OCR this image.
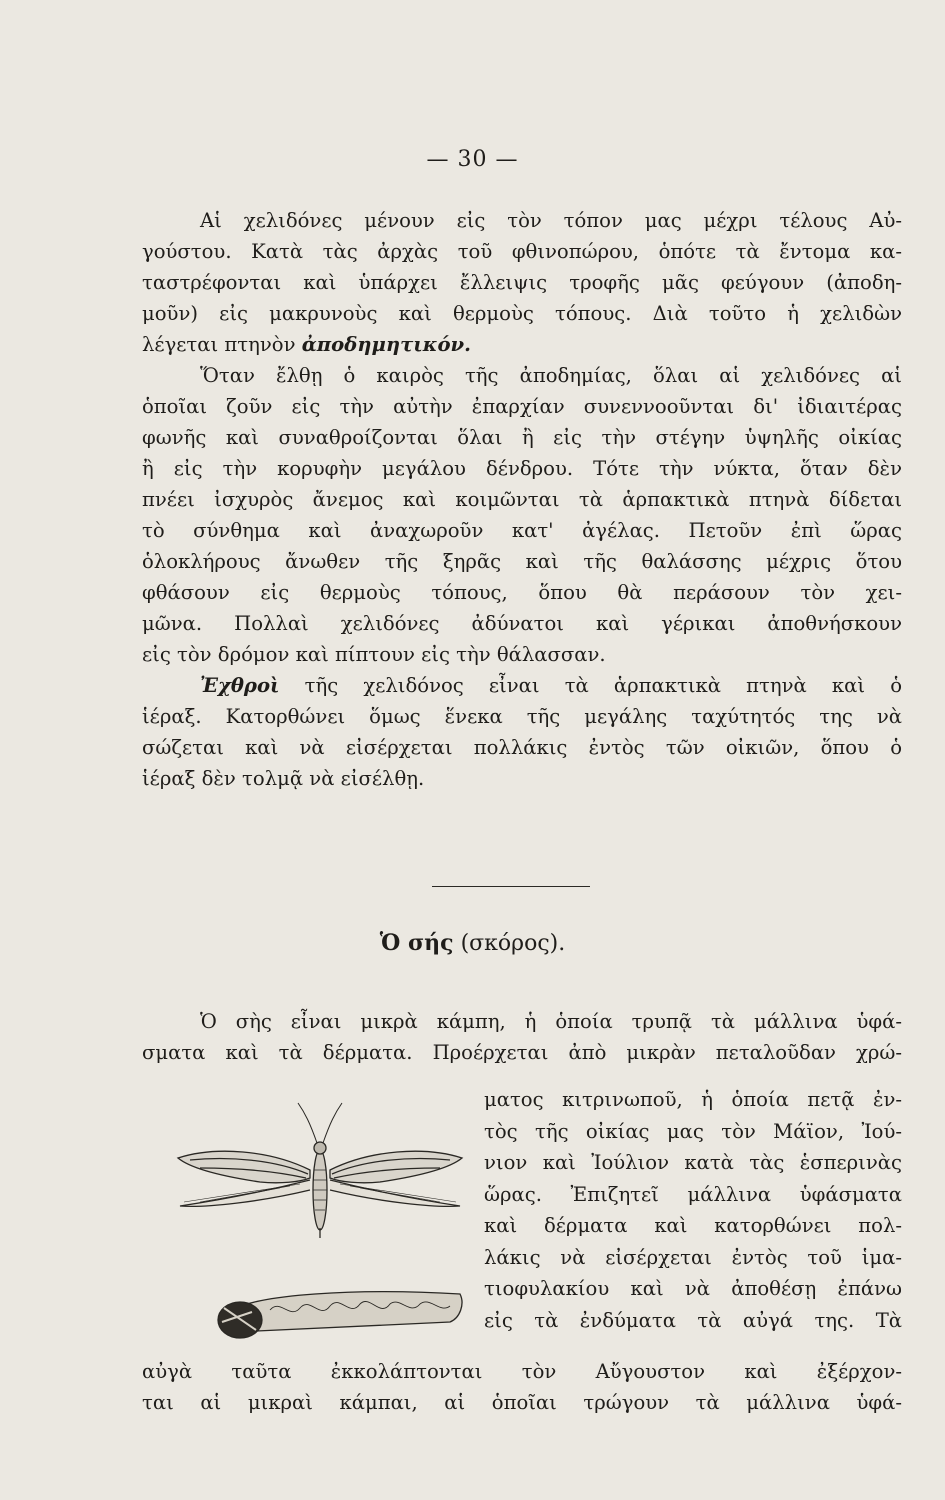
— 30 —
Αἱ χελιδόνες μένουν εἰς τὸν τόπον μας μέχρι τέλους Αὐ-
γούστου. Κατὰ τὰς ἀρχὰς τοῦ φθινοπώρου, ὁπότε τὰ ἔντομα κα-
ταστρέφονται καὶ ὑπάρχει ἔλλειψις τροφῆς μᾶς φεύγουν (ἀποδη-
μοῦν) εἰς μακρυνοὺς καὶ θερμοὺς τόπους. Διὰ τοῦτο ἡ χελιδὼν
λέγεται πτηνὸν ἀποδημητικόν.
Ὅταν ἔλθῃ ὁ καιρὸς τῆς ἀποδημίας, ὅλαι αἱ χελιδόνες αἱ
ὁποῖαι ζοῦν εἰς τὴν αὐτὴν ἐπαρχίαν συνεννοοῦνται δι' ἰδιαιτέρας
φωνῆς καὶ συναθροίζονται ὅλαι ἢ εἰς τὴν στέγην ὑψηλῆς οἰκίας
ἢ εἰς τὴν κορυφὴν μεγάλου δένδρου. Τότε τὴν νύκτα, ὅταν δὲν
πνέει ἰσχυρὸς ἄνεμος καὶ κοιμῶνται τὰ ἁρπακτικὰ πτηνὰ δίδεται
τὸ σύνθημα καὶ ἀναχωροῦν κατ' ἀγέλας. Πετοῦν ἐπὶ ὥρας
ὁλοκλήρους ἄνωθεν τῆς ξηρᾶς καὶ τῆς θαλάσσης μέχρις ὅτου
φθάσουν εἰς θερμοὺς τόπους, ὅπου θὰ περάσουν τὸν χει-
μῶνα. Πολλαὶ χελιδόνες ἀδύνατοι καὶ γέρικαι ἀποθνήσκουν
εἰς τὸν δρόμον καὶ πίπτουν εἰς τὴν θάλασσαν.
Ἐχθροὶ τῆς χελιδόνος εἶναι τὰ ἁρπακτικὰ πτηνὰ καὶ ὁ
ἱέραξ. Κατορθώνει ὅμως ἕνεκα τῆς μεγάλης ταχύτητός της νὰ
σώζεται καὶ νὰ εἰσέρχεται πολλάκις ἐντὸς τῶν οἰκιῶν, ὅπου ὁ
ἱέραξ δὲν τολμᾷ νὰ εἰσέλθῃ.
Ὁ σής (σκόρος).
Ὁ σὴς εἶναι μικρὰ κάμπη, ἡ ὁποία τρυπᾷ τὰ μάλλινα ὑφά-
σματα καὶ τὰ δέρματα. Προέρχεται ἀπὸ μικρὰν πεταλοῦδαν χρώ-
ματος κιτρινωποῦ, ἡ ὁποία πετᾷ ἐν-
τὸς τῆς οἰκίας μας τὸν Μάϊον, Ἰού-
νιον καὶ Ἰούλιον κατὰ τὰς ἑσπερινὰς
ὥρας. Ἐπιζητεῖ μάλλινα ὑφάσματα
καὶ δέρματα καὶ κατορθώνει πολ-
λάκις νὰ εἰσέρχεται ἐντὸς τοῦ ἱμα-
τιοφυλακίου καὶ νὰ ἀποθέσῃ ἐπάνω
εἰς τὰ ἐνδύματα τὰ αὐγά της. Τὰ
αὐγὰ ταῦτα ἐκκολάπτονται τὸν Αὔγουστον καὶ ἐξέρχον-
ται αἱ μικραὶ κάμπαι, αἱ ὁποῖαι τρώγουν τὰ μάλλινα ὑφά-
